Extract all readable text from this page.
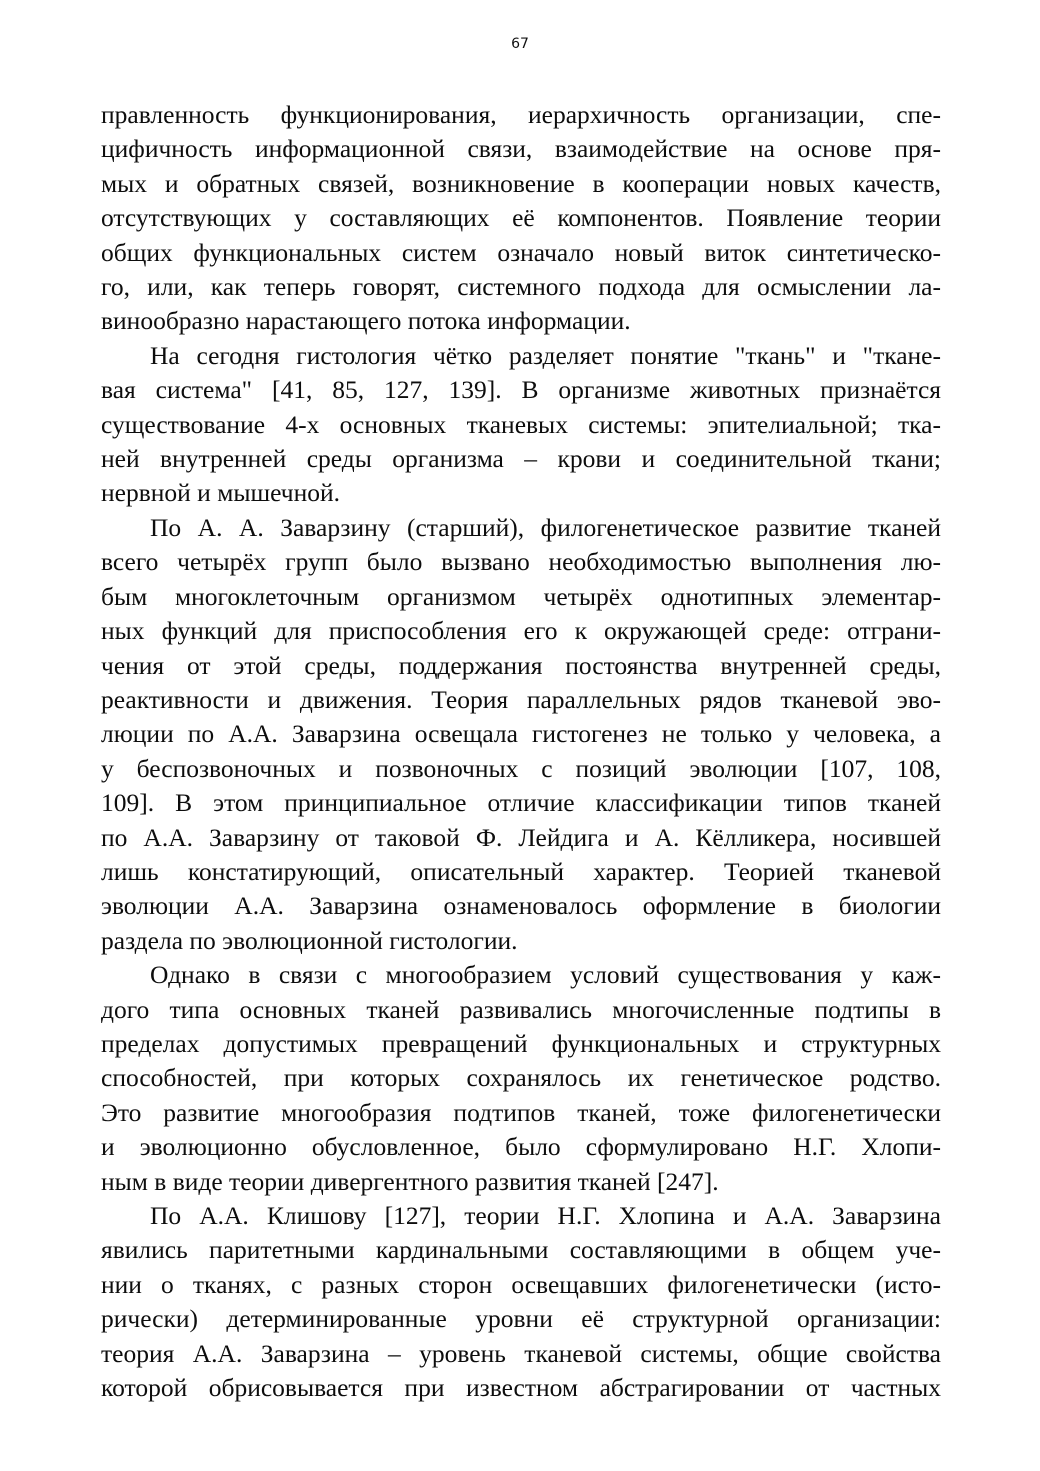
67
правленность функционирования, иерархичность организации, спе-
цифичность информационной связи, взаимодействие на основе пря-
мых и обратных связей, возникновение в кооперации новых качеств,
отсутствующих у составляющих её компонентов. Появление теории
общих функциональных систем означало новый виток синтетическо-
го, или, как теперь говорят, системного подхода для осмыслении ла-
винообразно нарастающего потока информации.
На сегодня гистология чётко разделяет понятие "ткань" и "ткане-
вая система" [41, 85, 127, 139]. В организме животных признаётся
существование 4-х основных тканевых системы: эпителиальной; тка-
ней внутренней среды организма – крови и соединительной ткани;
нервной и мышечной.
По А. А. Заварзину (старший), филогенетическое развитие тканей
всего четырёх групп было вызвано необходимостью выполнения лю-
бым многоклеточным организмом четырёх однотипных элементар-
ных функций для приспособления его к окружающей среде: отграни-
чения от этой среды, поддержания постоянства внутренней среды,
реактивности и движения. Теория параллельных рядов тканевой эво-
люции по А.А. Заварзина освещала гистогенез не только у человека, а
у беспозвоночных и позвоночных с позиций эволюции [107, 108,
109]. В этом принципиальное отличие классификации типов тканей
по А.А. Заварзину от таковой Ф. Лейдига и А. Кёлликера, носившей
лишь констатирующий, описательный характер. Теорией тканевой
эволюции А.А. Заварзина ознаменовалось оформление в биологии
раздела по эволюционной гистологии.
Однако в связи с многообразием условий существования у каж-
дого типа основных тканей развивались многочисленные подтипы в
пределах допустимых превращений функциональных и структурных
способностей, при которых сохранялось их генетическое родство.
Это развитие многообразия подтипов тканей, тоже филогенетически
и эволюционно обусловленное, было сформулировано Н.Г. Хлопи-
ным в виде теории дивергентного развития тканей [247].
По А.А. Клишову [127], теории Н.Г. Хлопина и А.А. Заварзина
явились паритетными кардинальными составляющими в общем уче-
нии о тканях, с разных сторон освещавших филогенетически (исто-
рически) детерминированные уровни её структурной организации:
теория А.А. Заварзина – уровень тканевой системы, общие свойства
которой обрисовывается при известном абстрагировании от частных
